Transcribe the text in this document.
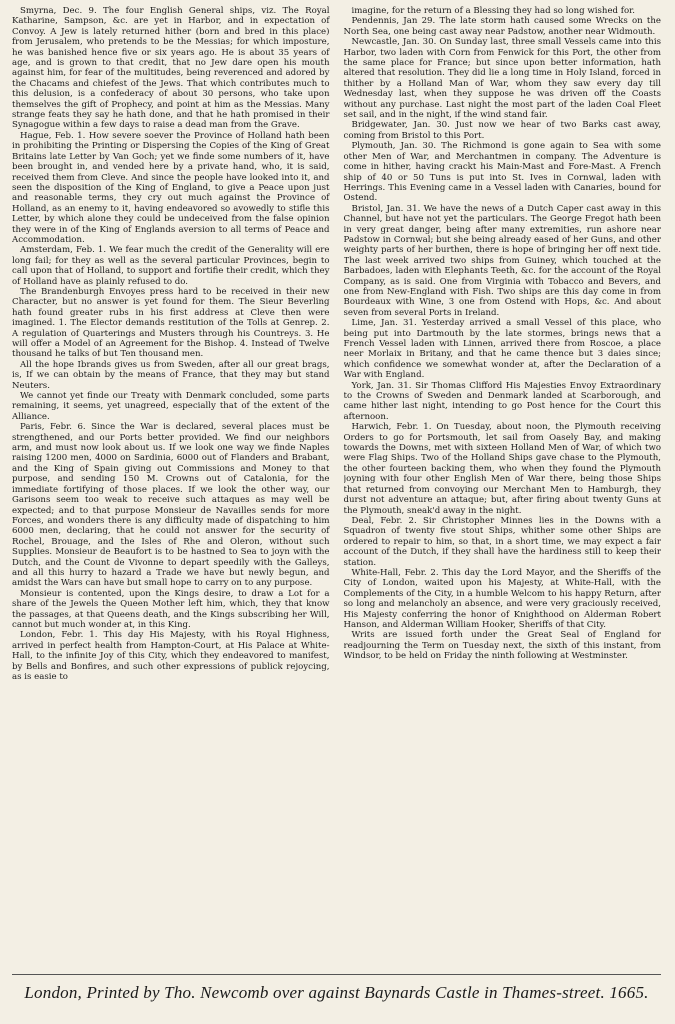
Smyrna, Dec. 9. The four English General ships, viz. The Royal Katharine, Sampson, &c. are yet in Harbor, and in expectation of Convoy. A Jew is lately returned hither (born and bred in this place) from Jerusalem, who pretends to be the Messias; for which imposture, he was banished hence five or six years ago. He is about 35 years of age, and is grown to that credit, that no Jew dare open his mouth against him, for fear of the multitudes, being reverenced and adored by the Chacams and chiefest of the Jews. That which contributes much to this delusion, is a confederacy of about 30 persons, who take upon themselves the gift of Prophecy, and point at him as the Messias. Many strange feats they say he hath done, and that he hath promised in their Synagogue within a few days to raise a dead man from the Grave.

Hague, Feb. 1. How severe soever the Province of Holland hath been in prohibiting the Printing or Dispersing the Copies of the King of Great Britains late Letter by Van Goch; yet we finde some numbers of it, have been brought in, and vended here by a private hand, who, it is said, received them from Cleve. And since the people have looked into it, and seen the disposition of the King of England, to give a Peace upon just and reasonable terms, they cry out much against the Province of Holland, as an enemy to it, having endeavored so avowedly to stifle this Letter, by which alone they could be undeceived from the false opinion they were in of the King of Englands aversion to all terms of Peace and Accommodation.

Amsterdam, Feb. 1. We fear much the credit of the Generality will ere long fail; for they as well as the several particular Provinces, begin to call upon that of Holland, to support and fortifie their credit, which they of Holland have as plainly refused to do.

The Brandenburgh Envoyes press hard to be received in their new Character, but no answer is yet found for them. The Sieur Beverling hath found greater rubs in his first address at Cleve then were imagined. 1. The Elector demands restitution of the Tolls at Genrep. 2. A regulation of Quarterings and Musters through his Countreys. 3. He will offer a Model of an Agreement for the Bishop. 4. Instead of Twelve thousand he talks of but Ten thousand men.

All the hope Ibrands gives us from Sweden, after all our great brags, is, If we can obtain by the means of France, that they may but stand Neuters.

We cannot yet finde our Treaty with Denmark concluded, some parts remaining, it seems, yet unagreed, especially that of the extent of the Alliance.

Paris, Febr. 6. Since the War is declared, several places must be strengthened, and our Ports better provided. We find our neighbors arm, and must now look about us. If we look one way we finde Naples raising 1200 men, 4000 on Sardinia, 6000 out of Flanders and Brabant, and the King of Spain giving out Commissions and Money to that purpose, and sending 150 M. Crowns out of Catalonia, for the immediate fortifying of those places. If we look the other way, our Garisons seem too weak to receive such attaques as may well be expected; and to that purpose Monsieur de Navailles sends for more Forces, and wonders there is any difficulty made of dispatching to him 6000 men, declaring, that he could not answer for the security of Rochel, Brouage, and the Isles of Rhe and Oleron, without such Supplies. Monsieur de Beaufort is to be hastned to Sea to joyn with the Dutch, and the Count de Vivonne to depart speedily with the Galleys, and all this hurry to hazard a Trade we have but newly begun, and amidst the Wars can have but small hope to carry on to any purpose.

Monsieur is contented, upon the Kings desire, to draw a Lot for a share of the Jewels the Queen Mother left him, which, they that know the passages, at that Queens death, and the Kings subscribing her Will, cannot but much wonder at, in this King.

London, Febr. 1. This day His Majesty, with his Royal Highness, arrived in perfect health from Hampton-Court, at His Palace at White-Hall, to the infinite Joy of this City, which they endeavored to manifest, by Bells and Bonfires, and such other expressions of publick rejoycing, as is easie to

imagine, for the return of a Blessing they had so long wished for.

Pendennis, Jan 29. The late storm hath caused some Wrecks on the North Sea, one being cast away near Padstow, another near Widmouth.

Newcastle, Jan. 30. On Sunday last, three small Vessels came into this Harbor, two laden with Corn from Fenwick for this Port, the other from the same place for France; but since upon better information, hath altered that resolution. They did lie a long time in Holy Island, forced in thither by a Holland Man of War, whom they saw every day till Wednesday last, when they suppose he was driven off the Coasts without any purchase. Last night the most part of the laden Coal Fleet set sail, and in the night, if the wind stand fair.

Bridgewater, Jan. 30. Just now we hear of two Barks cast away, coming from Bristol to this Port.

Plymouth, Jan. 30. The Richmond is gone again to Sea with some other Men of War, and Merchantmen in company. The Adventure is come in hither, having crackt his Main-Mast and Fore-Mast. A French ship of 40 or 50 Tuns is put into St. Ives in Cornwal, laden with Herrings. This Evening came in a Vessel laden with Canaries, bound for Ostend.

Bristol, Jan. 31. We have the news of a Dutch Caper cast away in this Channel, but have not yet the particulars. The George Fregot hath been in very great danger, being after many extremities, run ashore near Padstow in Cornwal; but she being already eased of her Guns, and other weighty parts of her burthen, there is hope of bringing her off next tide. The last week arrived two ships from Guiney, which touched at the Barbadoes, laden with Elephants Teeth, &c. for the account of the Royal Company, as is said. One from Virginia with Tobacco and Bevers, and one from New-England with Fish. Two ships are this day come in from Bourdeaux with Wine, 3 one from Ostend with Hops, &c. And about seven from several Ports in Ireland.

Lime, Jan. 31. Yesterday arrived a small Vessel of this place, who being put into Dartmouth by the late stormes, brings news that a French Vessel laden with Linnen, arrived there from Roscoe, a place neer Morlaix in Britany, and that he came thence but 3 daies since; which confidence we somewhat wonder at, after the Declaration of a War with England.

York, Jan. 31. Sir Thomas Clifford His Majesties Envoy Extraordinary to the Crowns of Sweden and Denmark landed at Scarborough, and came hither last night, intending to go Post hence for the Court this afternoon.

Harwich, Febr. 1. On Tuesday, about noon, the Plymouth receiving Orders to go for Portsmouth, let sail from Oasely Bay, and making towards the Downs, met with sixteen Holland Men of War, of which two were Flag Ships. Two of the Holland Ships gave chase to the Plymouth, the other fourteen backing them, who when they found the Plymouth joyning with four other English Men of War there, being those Ships that returned from convoying our Merchant Men to Hamburgh, they durst not adventure an attaque; but, after firing about twenty Guns at the Plymouth, sneak'd away in the night.

Deal, Febr. 2. Sir Christopher Minnes lies in the Downs with a Squadron of twenty five stout Ships, whither some other Ships are ordered to repair to him, so that, in a short time, we may expect a fair account of the Dutch, if they shall have the hardiness still to keep their station.

White-Hall, Febr. 2. This day the Lord Mayor, and the Sheriffs of the City of London, waited upon his Majesty, at White-Hall, with the Complements of the City, in a humble Welcom to his happy Return, after so long and melancholy an absence, and were very graciously received, His Majesty conferring the honor of Knighthood on Alderman Robert Hanson, and Alderman William Hooker, Sheriffs of that City.

Writs are issued forth under the Great Seal of England for readjourning the Term on Tuesday next, the sixth of this instant, from Windsor, to be held on Friday the ninth following at Westminster.

London, Printed by Tho. Newcomb over against Baynards Castle in Thames-street. 1665.
